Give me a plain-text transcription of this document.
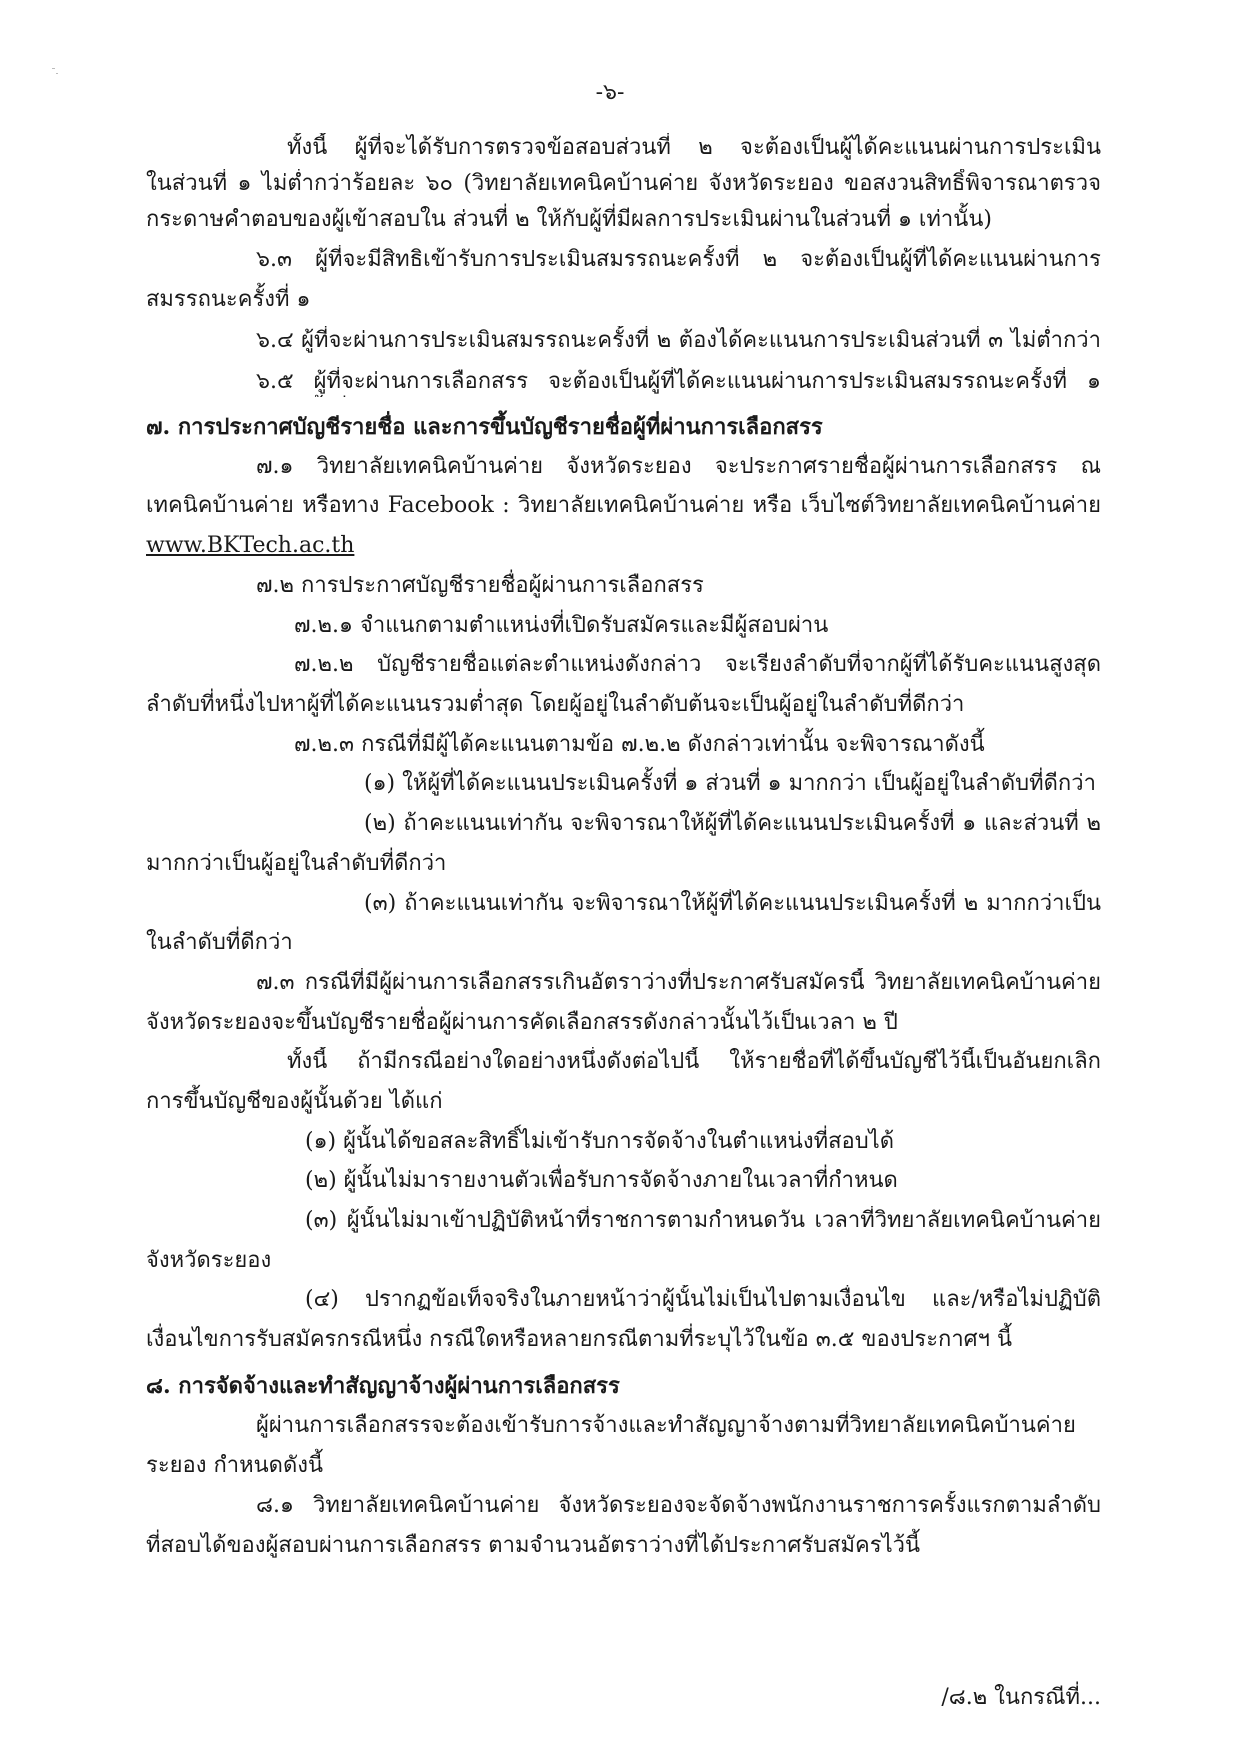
-๖-
ทั้งนี้ ผู้ที่จะได้รับการตรวจข้อสอบส่วนที่ ๒ จะต้องเป็นผู้ได้คะแนนผ่านการประเมิน
ในส่วนที่ ๑ ไม่ต่ำกว่าร้อยละ ๖๐ (วิทยาลัยเทคนิคบ้านค่าย จังหวัดระยอง ขอสงวนสิทธิ์พิจารณาตรวจ
กระดาษคำตอบของผู้เข้าสอบใน ส่วนที่ ๒ ให้กับผู้ที่มีผลการประเมินผ่านในส่วนที่ ๑ เท่านั้น)
๖.๓ ผู้ที่จะมีสิทธิเข้ารับการประเมินสมรรถนะครั้งที่ ๒ จะต้องเป็นผู้ที่ได้คะแนนผ่านการ
สมรรถนะครั้งที่ ๑
๖.๔ ผู้ที่จะผ่านการประเมินสมรรถนะครั้งที่ ๒ ต้องได้คะแนนการประเมินส่วนที่ ๓ ไม่ต่ำกว่า
๖.๕ ผู้ที่จะผ่านการเลือกสรร จะต้องเป็นผู้ที่ได้คะแนนผ่านการประเมินสมรรถนะครั้งที่ ๑
๗. การประกาศบัญชีรายชื่อ และการขึ้นบัญชีรายชื่อผู้ที่ผ่านการเลือกสรร
๗.๑ วิทยาลัยเทคนิคบ้านค่าย จังหวัดระยอง จะประกาศรายชื่อผู้ผ่านการเลือกสรร ณ
เทคนิคบ้านค่าย หรือทาง Facebook : วิทยาลัยเทคนิคบ้านค่าย หรือ เว็บไซต์วิทยาลัยเทคนิคบ้านค่าย
www.BKTech.ac.th
๗.๒ การประกาศบัญชีรายชื่อผู้ผ่านการเลือกสรร
๗.๒.๑ จำแนกตามตำแหน่งที่เปิดรับสมัครและมีผู้สอบผ่าน
๗.๒.๒ บัญชีรายชื่อแต่ละตำแหน่งดังกล่าว จะเรียงลำดับที่จากผู้ที่ได้รับคะแนนสูงสุด
ลำดับที่หนึ่งไปหาผู้ที่ได้คะแนนรวมต่ำสุด โดยผู้อยู่ในลำดับต้นจะเป็นผู้อยู่ในลำดับที่ดีกว่า
๗.๒.๓ กรณีที่มีผู้ได้คะแนนตามข้อ ๗.๒.๒ ดังกล่าวเท่านั้น จะพิจารณาดังนี้
(๑) ให้ผู้ที่ได้คะแนนประเมินครั้งที่ ๑ ส่วนที่ ๑ มากกว่า เป็นผู้อยู่ในลำดับที่ดีกว่า
(๒) ถ้าคะแนนเท่ากัน จะพิจารณาให้ผู้ที่ได้คะแนนประเมินครั้งที่ ๑ และส่วนที่ ๒
มากกว่าเป็นผู้อยู่ในลำดับที่ดีกว่า
(๓) ถ้าคะแนนเท่ากัน จะพิจารณาให้ผู้ที่ได้คะแนนประเมินครั้งที่ ๒ มากกว่าเป็น
ในลำดับที่ดีกว่า
๗.๓ กรณีที่มีผู้ผ่านการเลือกสรรเกินอัตราว่างที่ประกาศรับสมัครนี้ วิทยาลัยเทคนิคบ้านค่าย
จังหวัดระยองจะขึ้นบัญชีรายชื่อผู้ผ่านการคัดเลือกสรรดังกล่าวนั้นไว้เป็นเวลา ๒ ปี
ทั้งนี้ ถ้ามีกรณีอย่างใดอย่างหนึ่งดังต่อไปนี้ ให้รายชื่อที่ได้ขึ้นบัญชีไว้นี้เป็นอันยกเลิก
การขึ้นบัญชีของผู้นั้นด้วย ได้แก่
(๑) ผู้นั้นได้ขอสละสิทธิ์ไม่เข้ารับการจัดจ้างในตำแหน่งที่สอบได้
(๒) ผู้นั้นไม่มารายงานตัวเพื่อรับการจัดจ้างภายในเวลาที่กำหนด
(๓) ผู้นั้นไม่มาเข้าปฏิบัติหน้าที่ราชการตามกำหนดวัน เวลาที่วิทยาลัยเทคนิคบ้านค่าย
จังหวัดระยอง
(๔) ปรากฏข้อเท็จจริงในภายหน้าว่าผู้นั้นไม่เป็นไปตามเงื่อนไข และ/หรือไม่ปฏิบัติ
เงื่อนไขการรับสมัครกรณีหนึ่ง กรณีใดหรือหลายกรณีตามที่ระบุไว้ในข้อ ๓.๕ ของประกาศฯ นี้
๘. การจัดจ้างและทำสัญญาจ้างผู้ผ่านการเลือกสรร
ผู้ผ่านการเลือกสรรจะต้องเข้ารับการจ้างและทำสัญญาจ้างตามที่วิทยาลัยเทคนิคบ้านค่าย
ระยอง กำหนดดังนี้
๘.๑ วิทยาลัยเทคนิคบ้านค่าย จังหวัดระยองจะจัดจ้างพนักงานราชการครั้งแรกตามลำดับ
ที่สอบได้ของผู้สอบผ่านการเลือกสรร ตามจำนวนอัตราว่างที่ได้ประกาศรับสมัครไว้นี้
/๘.๒ ในกรณีที่...
